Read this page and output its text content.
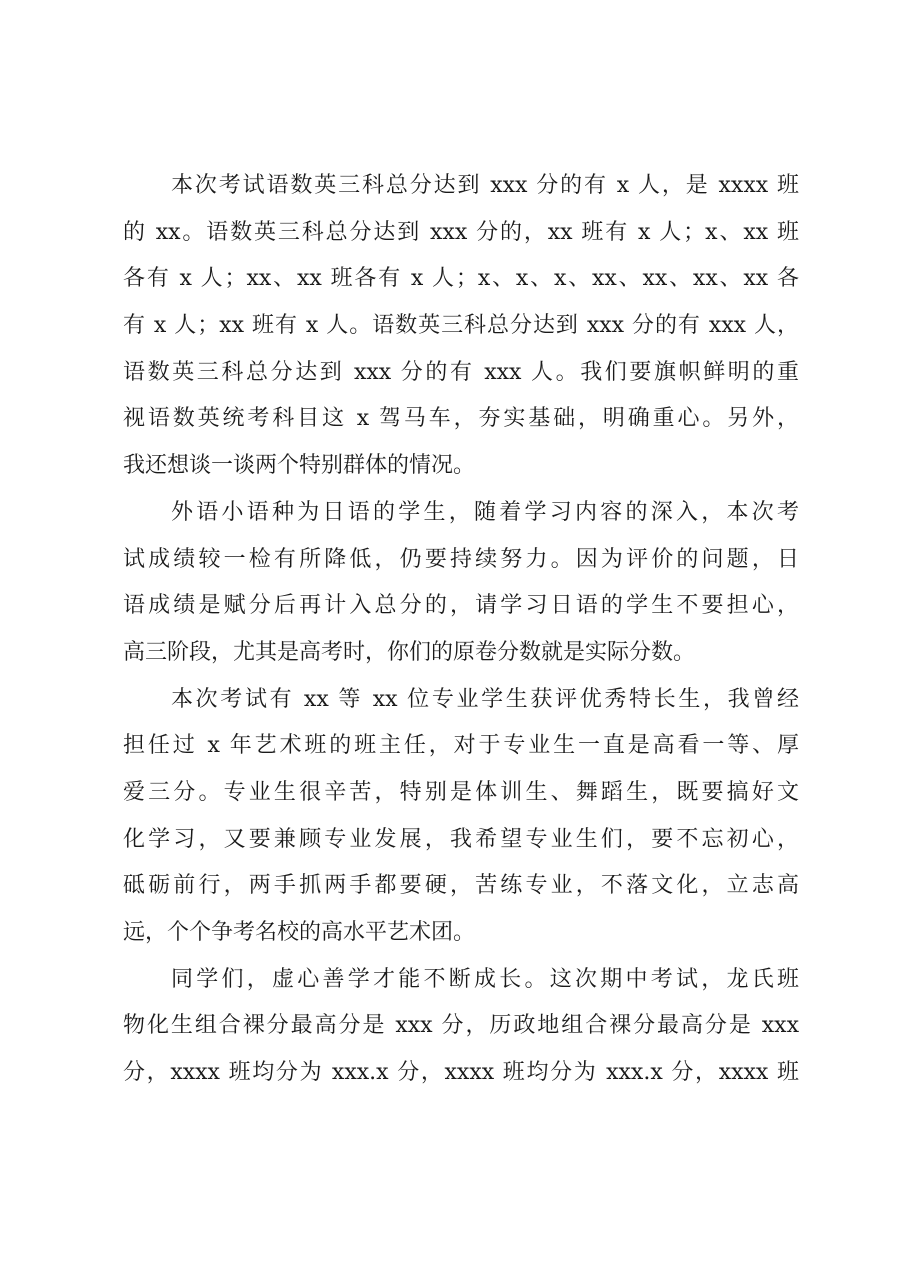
本次考试语数英三科总分达到 xxx 分的有 x 人，是 xxxx 班
的 xx。语数英三科总分达到 xxx 分的，xx 班有 x 人；x、xx 班
各有 x 人；xx、xx 班各有 x 人；x、x、x、xx、xx、xx、xx 各
有 x 人；xx 班有 x 人。语数英三科总分达到 xxx 分的有 xxx 人，
语数英三科总分达到 xxx 分的有 xxx 人。我们要旗帜鲜明的重
视语数英统考科目这 x 驾马车，夯实基础，明确重心。另外，
我还想谈一谈两个特别群体的情况。
外语小语种为日语的学生，随着学习内容的深入，本次考
试成绩较一检有所降低，仍要持续努力。因为评价的问题，日
语成绩是赋分后再计入总分的，请学习日语的学生不要担心，
高三阶段，尤其是高考时，你们的原卷分数就是实际分数。
本次考试有 xx 等 xx 位专业学生获评优秀特长生，我曾经
担任过 x 年艺术班的班主任，对于专业生一直是高看一等、厚
爱三分。专业生很辛苦，特别是体训生、舞蹈生，既要搞好文
化学习，又要兼顾专业发展，我希望专业生们，要不忘初心，
砥砺前行，两手抓两手都要硬，苦练专业，不落文化，立志高
远，个个争考名校的高水平艺术团。
同学们，虚心善学才能不断成长。这次期中考试，龙氏班
物化生组合裸分最高分是 xxx 分，历政地组合裸分最高分是 xxx
分，xxxx 班均分为 xxx.x 分，xxxx 班均分为 xxx.x 分，xxxx 班
